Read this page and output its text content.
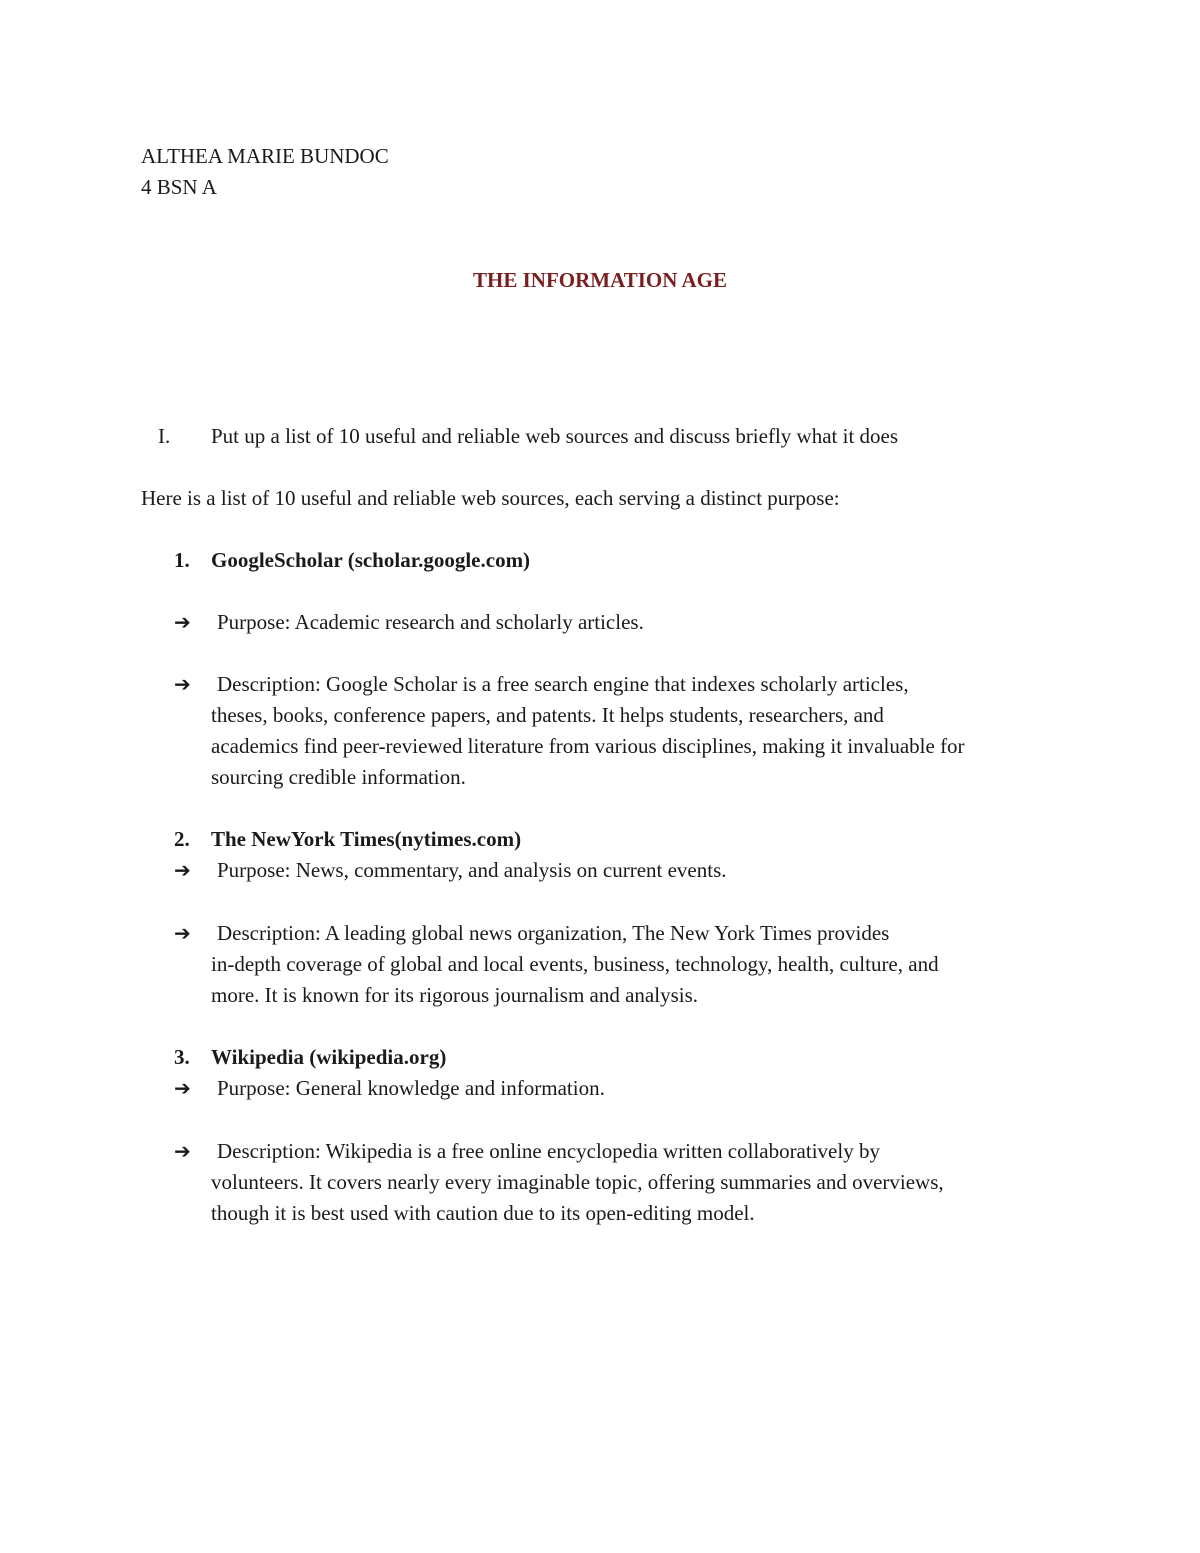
ALTHEA MARIE BUNDOC
4 BSN A
THE INFORMATION AGE
I. Put up a list of 10 useful and reliable web sources and discuss briefly what it does
Here is a list of 10 useful and reliable web sources, each serving a distinct purpose:
1. GoogleScholar (scholar.google.com)
➔ Purpose: Academic research and scholarly articles.
➔ Description: Google Scholar is a free search engine that indexes scholarly articles,
theses, books, conference papers, and patents. It helps students, researchers, and
academics find peer-reviewed literature from various disciplines, making it invaluable for
sourcing credible information.
2. The NewYork Times(nytimes.com)
➔ Purpose: News, commentary, and analysis on current events.
➔ Description: A leading global news organization, The New York Times provides
in-depth coverage of global and local events, business, technology, health, culture, and
more. It is known for its rigorous journalism and analysis.
3. Wikipedia (wikipedia.org)
➔ Purpose: General knowledge and information.
➔ Description: Wikipedia is a free online encyclopedia written collaboratively by
volunteers. It covers nearly every imaginable topic, offering summaries and overviews,
though it is best used with caution due to its open-editing model.
